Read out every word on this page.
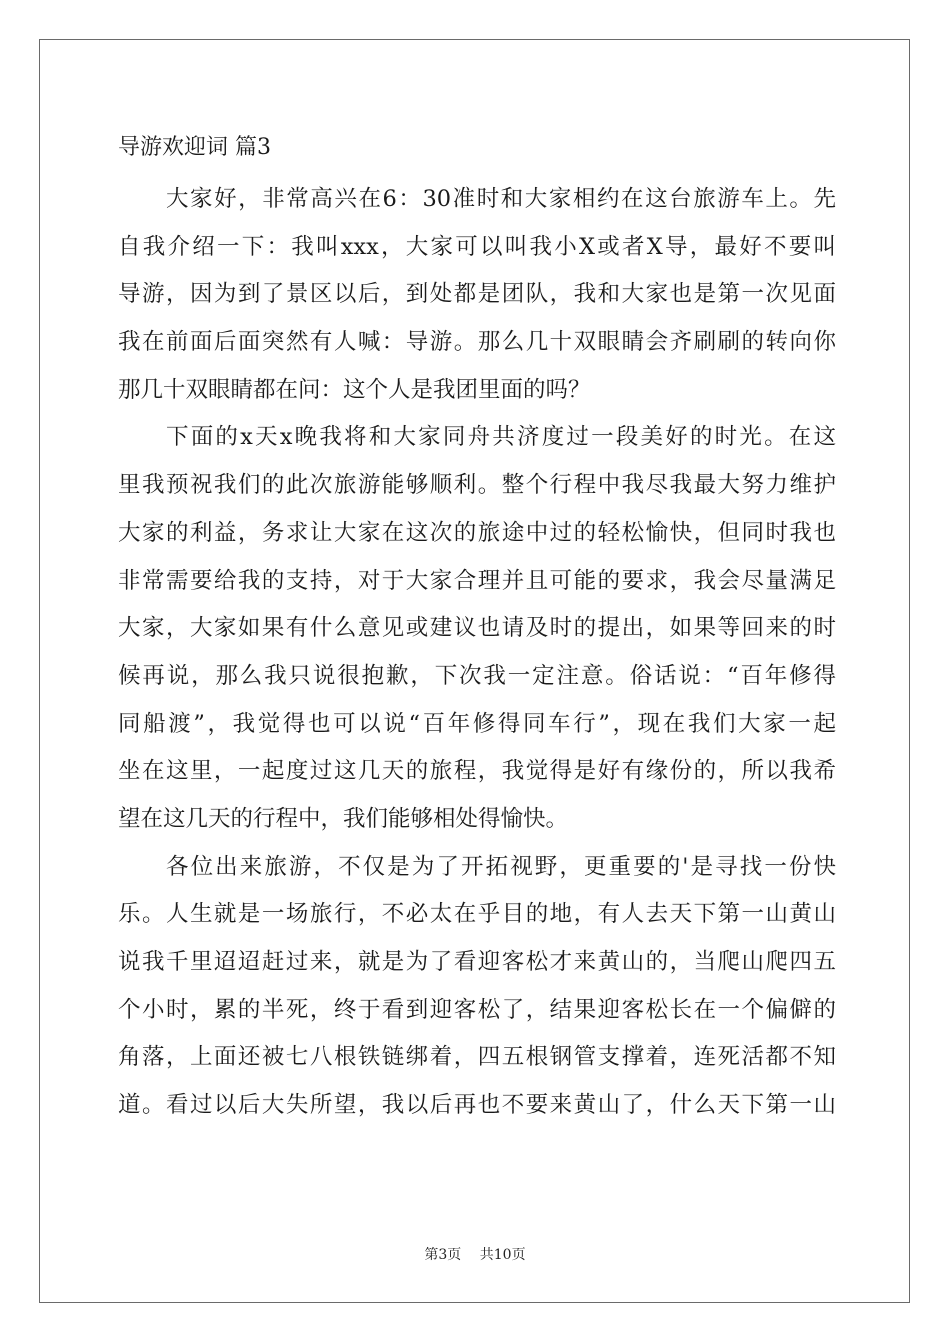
导游欢迎词 篇3
大家好，非常高兴在6：30准时和大家相约在这台旅游车上。先
自我介绍一下：我叫xxx，大家可以叫我小X或者X导，最好不要叫
导游，因为到了景区以后，到处都是团队，我和大家也是第一次见面
我在前面后面突然有人喊：导游。那么几十双眼睛会齐刷刷的转向你
那几十双眼睛都在问：这个人是我团里面的吗？
下面的x天x晚我将和大家同舟共济度过一段美好的时光。在这
里我预祝我们的此次旅游能够顺利。整个行程中我尽我最大努力维护
大家的利益，务求让大家在这次的旅途中过的轻松愉快，但同时我也
非常需要给我的支持，对于大家合理并且可能的要求，我会尽量满足
大家，大家如果有什么意见或建议也请及时的提出，如果等回来的时
候再说，那么我只说很抱歉，下次我一定注意。俗话说：“百年修得
同船渡”，我觉得也可以说“百年修得同车行”，现在我们大家一起
坐在这里，一起度过这几天的旅程，我觉得是好有缘份的，所以我希
望在这几天的行程中，我们能够相处得愉快。
各位出来旅游，不仅是为了开拓视野，更重要的'是寻找一份快
乐。人生就是一场旅行，不必太在乎目的地，有人去天下第一山黄山
说我千里迢迢赶过来，就是为了看迎客松才来黄山的，当爬山爬四五
个小时，累的半死，终于看到迎客松了，结果迎客松长在一个偏僻的
角落，上面还被七八根铁链绑着，四五根钢管支撑着，连死活都不知
道。看过以后大失所望，我以后再也不要来黄山了，什么天下第一山
第3页 共10页
